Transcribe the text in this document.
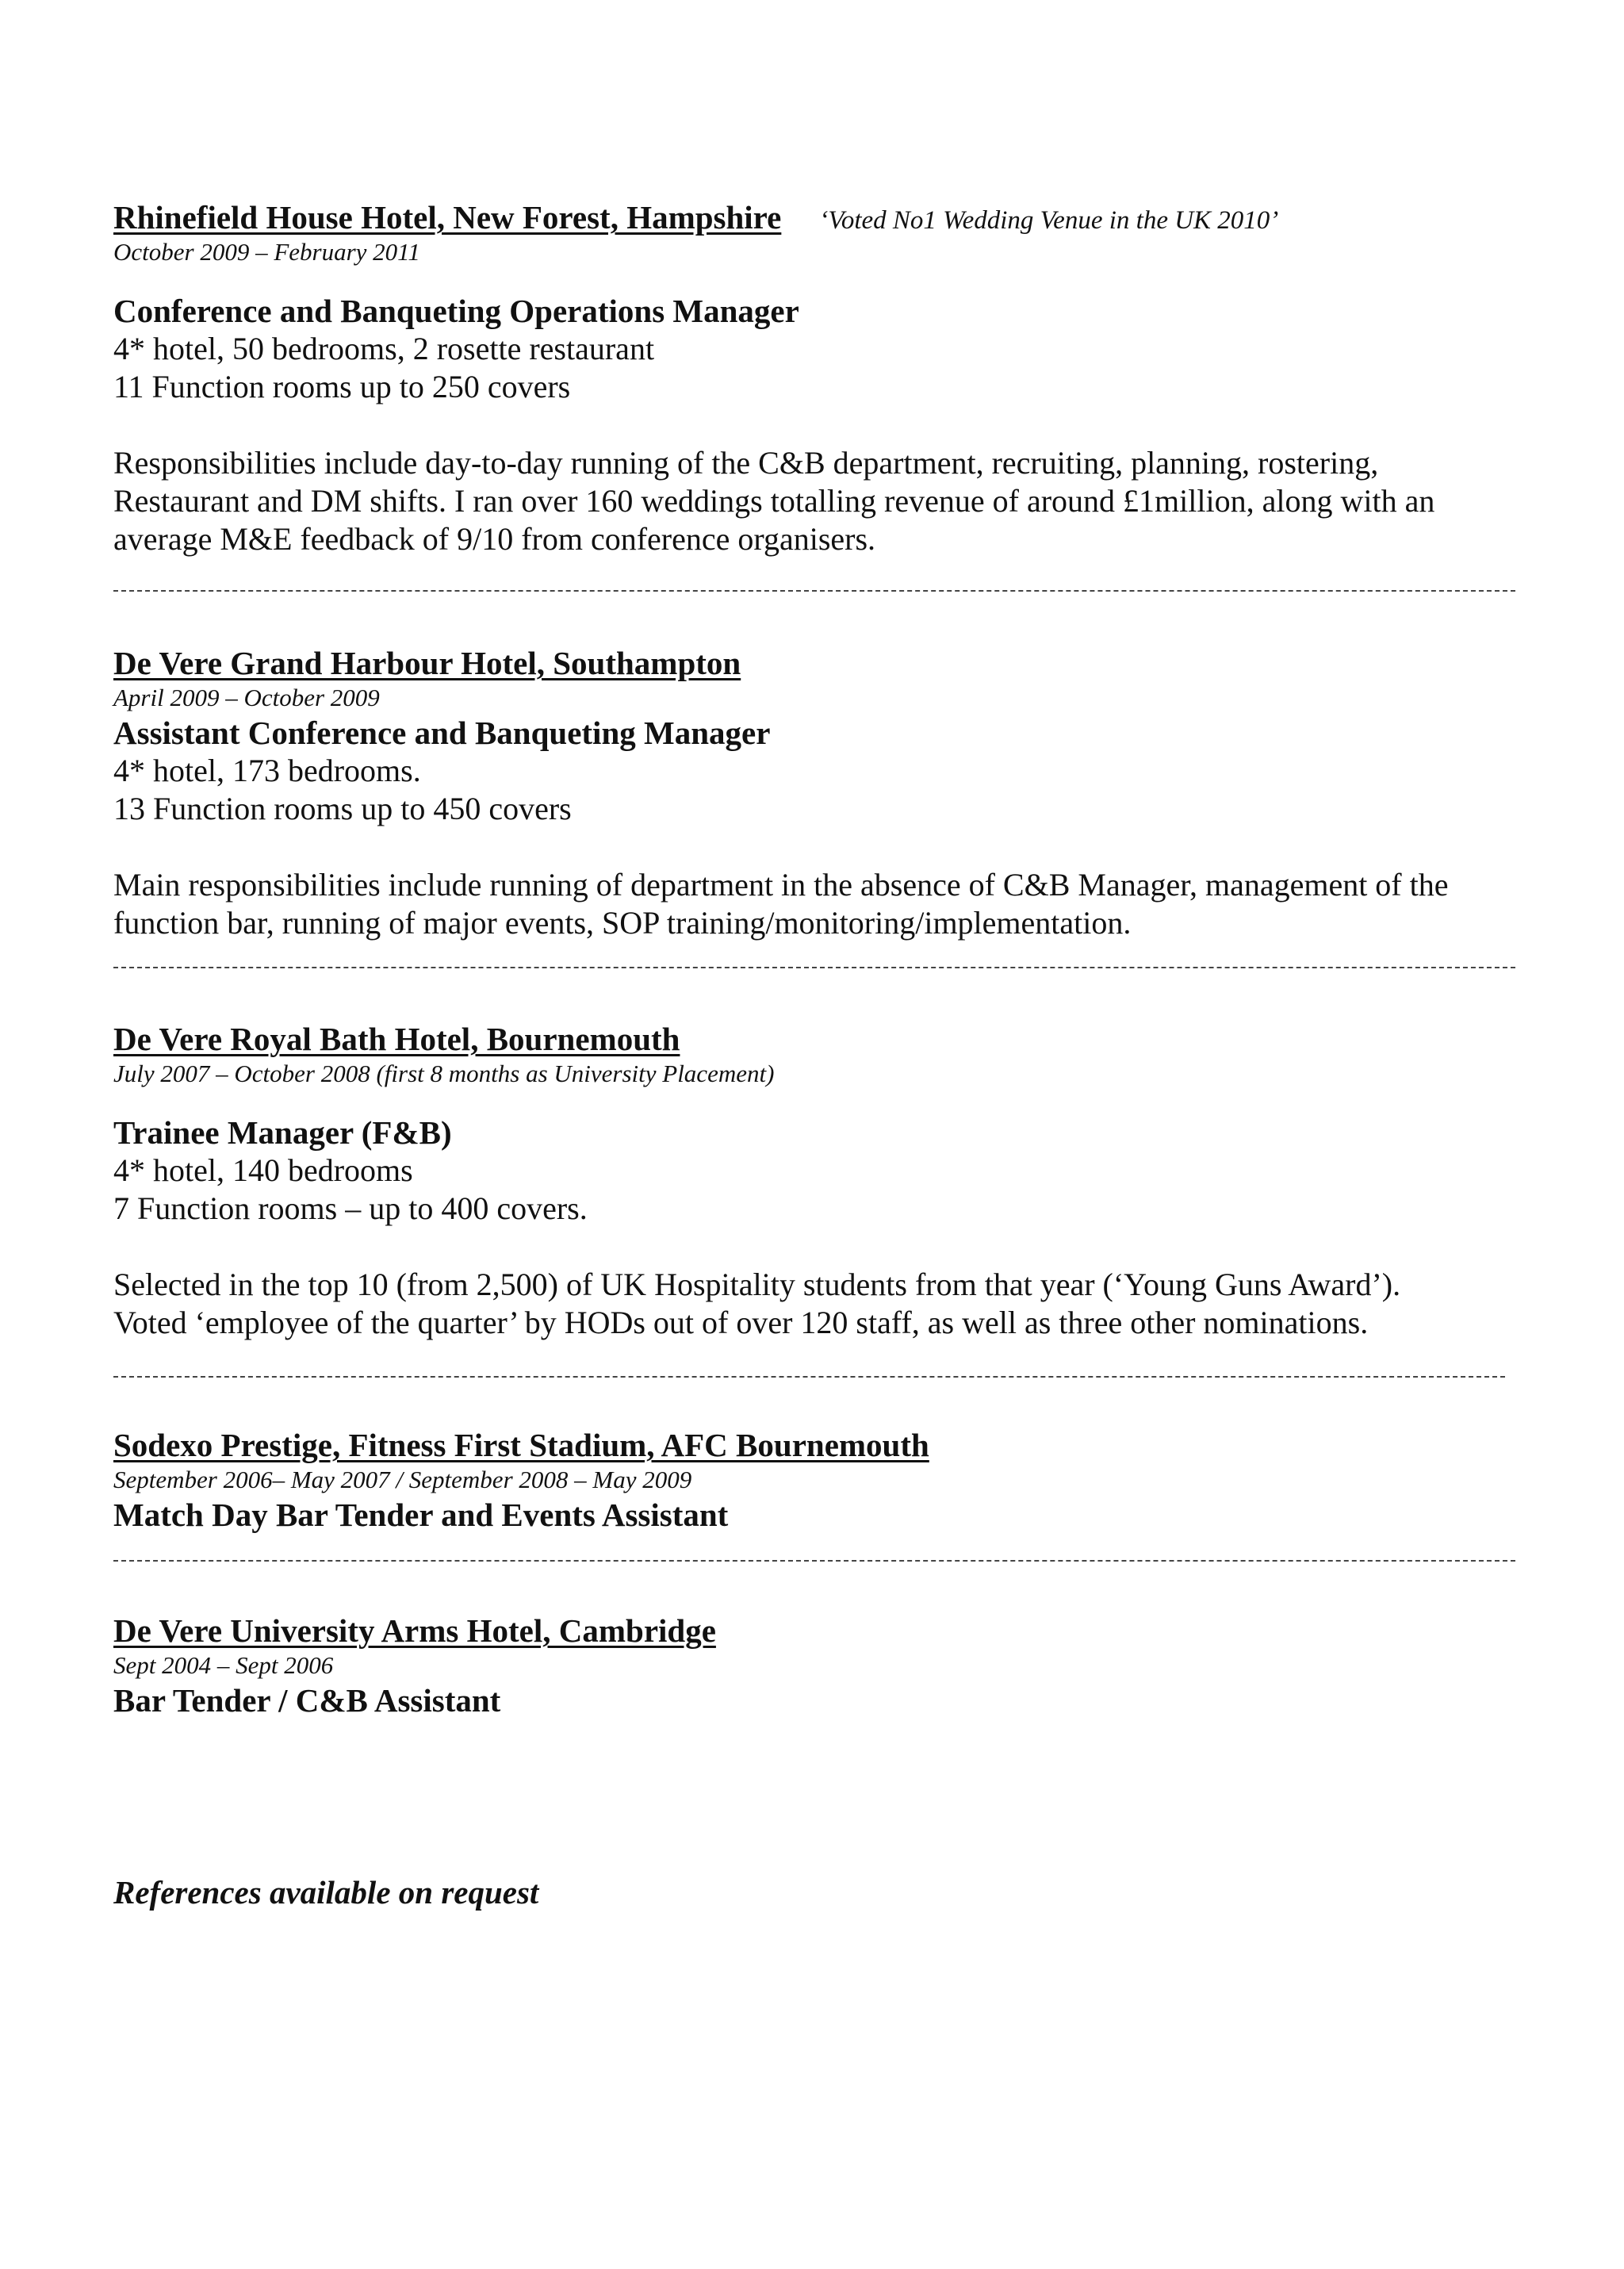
Rhinefield House Hotel, New Forest, Hampshire ‘Voted No1 Wedding Venue in the UK 2010’
October 2009 – February 2011
Conference and Banqueting Operations Manager
4* hotel, 50 bedrooms, 2 rosette restaurant
11 Function rooms up to 250 covers

Responsibilities include day-to-day running of the C&B department, recruiting, planning, rostering,

Restaurant and DM shifts. I ran over 160 weddings totalling revenue of around £1million, along with an

average M&E feedback of 9/10 from conference organisers.

De Vere Grand Harbour Hotel, Southampton
April 2009 – October 2009
Assistant Conference and Banqueting Manager
4* hotel, 173 bedrooms.
13 Function rooms up to 450 covers

Main responsibilities include running of department in the absence of C&B Manager, management of the

function bar, running of major events, SOP training/monitoring/implementation.

De Vere Royal Bath Hotel, Bournemouth
July 2007 – October 2008 (first 8 months as University Placement)
Trainee Manager (F&B)
4* hotel, 140 bedrooms
7 Function rooms – up to 400 covers.

Selected in the top 10 (from 2,500) of UK Hospitality students from that year (‘Young Guns Award’).

Voted ‘employee of the quarter’ by HODs out of over 120 staff, as well as three other nominations.

Sodexo Prestige, Fitness First Stadium, AFC Bournemouth
September 2006– May 2007 / September 2008 – May 2009
Match Day Bar Tender and Events Assistant
De Vere University Arms Hotel, Cambridge
Sept 2004 – Sept 2006
Bar Tender / C&B Assistant
References available on request
